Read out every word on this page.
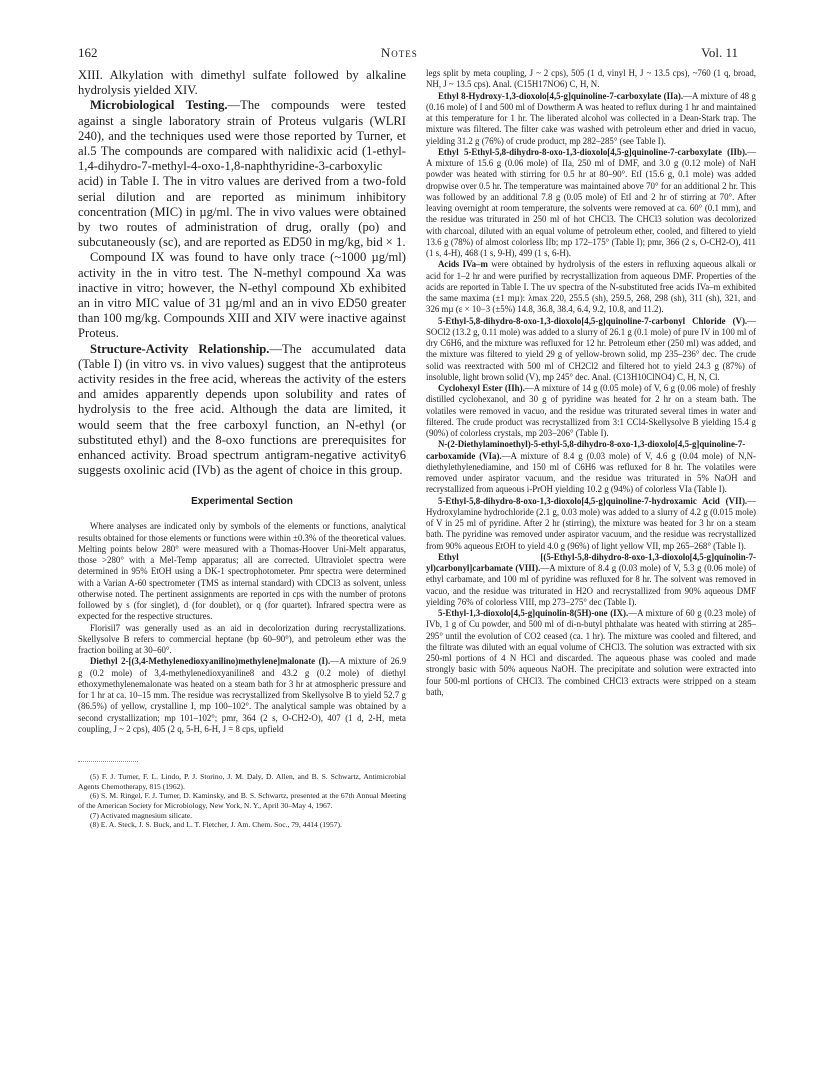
162	Notes	Vol. 11

XIII. Alkylation with dimethyl sulfate followed by alkaline hydrolysis yielded XIV.

Microbiological Testing.—The compounds were tested against a single laboratory strain of Proteus vulgaris (WLRI 240), and the techniques used were those reported by Turner, et al.5 The compounds are compared with nalidixic acid (1-ethyl-1,4-dihydro-7-methyl-4-oxo-1,8-naphthyridine-3-carboxylic acid) in Table I. The in vitro values are derived from a two-fold serial dilution and are reported as minimum inhibitory concentration (MIC) in µg/ml. The in vivo values were obtained by two routes of administration of drug, orally (po) and subcutaneously (sc), and are reported as ED50 in mg/kg, bid × 1.

Compound IX was found to have only trace (~1000 µg/ml) activity in the in vitro test. The N-methyl compound Xa was inactive in vitro; however, the N-ethyl compound Xb exhibited an in vitro MIC value of 31 µg/ml and an in vivo ED50 greater than 100 mg/kg. Compounds XIII and XIV were inactive against Proteus.

Structure-Activity Relationship.—The accumulated data (Table I) (in vitro vs. in vivo values) suggest that the antiproteus activity resides in the free acid, whereas the activity of the esters and amides apparently depends upon solubility and rates of hydrolysis to the free acid. Although the data are limited, it would seem that the free carboxyl function, an N-ethyl (or substituted ethyl) and the 8-oxo functions are prerequisites for enhanced activity. Broad spectrum antigram-negative activity6 suggests oxolinic acid (IVb) as the agent of choice in this group.

Experimental Section

Where analyses are indicated only by symbols of the elements or functions, analytical results obtained for those elements or functions were within ±0.3% of the theoretical values. Melting points below 280° were measured with a Thomas-Hoover Uni-Melt apparatus, those >280° with a Mel-Temp apparatus; all are corrected. Ultraviolet spectra were determined in 95% EtOH using a DK-1 spectrophotometer. Pmr spectra were determined with a Varian A-60 spectrometer (TMS as internal standard) with CDCl3 as solvent, unless otherwise noted. The pertinent assignments are reported in cps with the number of protons followed by s (for singlet), d (for doublet), or q (for quartet). Infrared spectra were as expected for the respective structures.

Florisil7 was generally used as an aid in decolorization during recrystallizations. Skellysolve B refers to commercial heptane (bp 60–90°), and petroleum ether was the fraction boiling at 30–60°.

Diethyl 2-[(3,4-Methylenedioxyanilino)methylene]malonate (I).—A mixture of 26.9 g (0.2 mole) of 3,4-methylenedioxyaniline8 and 43.2 g (0.2 mole) of diethyl ethoxymethylenemalonate was heated on a steam bath for 3 hr at atmospheric pressure and for 1 hr at ca. 10–15 mm. The residue was recrystallized from Skellysolve B to yield 52.7 g (86.5%) of yellow, crystalline I, mp 100–102°. The analytical sample was obtained by a second crystallization; mp 101–102°; pmr, 364 (2 s, O-CH2-O), 407 (1 d, 2-H, meta coupling, J ~ 2 cps), 405 (2 q, 5-H, 6-H, J = 8 cps, upfield

(5) F. J. Turner, F. L. Lindo, P. J. Storino, J. M. Daly, D. Allen, and B. S. Schwartz, Antimicrobial Agents Chemotherapy, 815 (1962).

(6) S. M. Ringel, F. J. Turner, D. Kaminsky, and B. S. Schwartz, presented at the 67th Annual Meeting of the American Society for Microbiology, New York, N. Y., April 30–May 4, 1967.

(7) Activated magnesium silicate.

(8) E. A. Steck, J. S. Buck, and L. T. Fletcher, J. Am. Chem. Soc., 79, 4414 (1957).

legs split by meta coupling, J ~ 2 cps), 505 (1 d, vinyl H, J ~ 13.5 cps), ~760 (1 q, broad, NH, J ~ 13.5 cps). Anal. (C15H17NO6) C, H, N.

Ethyl 8-Hydroxy-1,3-dioxolo[4,5-g]quinoline-7-carboxylate (IIa).—A mixture of 48 g (0.16 mole) of I and 500 ml of Dowtherm A was heated to reflux during 1 hr and maintained at this temperature for 1 hr. The liberated alcohol was collected in a Dean-Stark trap. The mixture was filtered. The filter cake was washed with petroleum ether and dried in vacuo, yielding 31.2 g (76%) of crude product, mp 282–285° (see Table I).

Ethyl 5-Ethyl-5,8-dihydro-8-oxo-1,3-dioxolo[4,5-g]quinoline-7-carboxylate (IIb).—A mixture of 15.6 g (0.06 mole) of IIa, 250 ml of DMF, and 3.0 g (0.12 mole) of NaH powder was heated with stirring for 0.5 hr at 80–90°. EtI (15.6 g, 0.1 mole) was added dropwise over 0.5 hr. The temperature was maintained above 70° for an additional 2 hr. This was followed by an additional 7.8 g (0.05 mole) of EtI and 2 hr of stirring at 70°. After leaving overnight at room temperature, the solvents were removed at ca. 60° (0.1 mm), and the residue was triturated in 250 ml of hot CHCl3. The CHCl3 solution was decolorized with charcoal, diluted with an equal volume of petroleum ether, cooled, and filtered to yield 13.6 g (78%) of almost colorless IIb; mp 172–175° (Table I); pmr, 366 (2 s, O-CH2-O), 411 (1 s, 4-H), 468 (1 s, 9-H), 499 (1 s, 6-H).

Acids IVa–m were obtained by hydrolysis of the esters in refluxing aqueous alkali or acid for 1–2 hr and were purified by recrystallization from aqueous DMF. Properties of the acids are reported in Table I. The uv spectra of the N-substituted free acids IVa–m exhibited the same maxima (±1 mµ): λmax 220, 255.5 (sh), 259.5, 268, 298 (sh), 311 (sh), 321, and 326 mµ (ε × 10−3 (±5%) 14.8, 36.8, 38.4, 6.4, 9.2, 10.8, and 11.2).

5-Ethyl-5,8-dihydro-8-oxo-1,3-dioxolo[4,5-g]quinoline-7-carbonyl Chloride (V).—SOCl2 (13.2 g, 0.11 mole) was added to a slurry of 26.1 g (0.1 mole) of pure IV in 100 ml of dry C6H6, and the mixture was refluxed for 12 hr. Petroleum ether (250 ml) was added, and the mixture was filtered to yield 29 g of yellow-brown solid, mp 235–236° dec. The crude solid was reextracted with 500 ml of CH2Cl2 and filtered hot to yield 24.3 g (87%) of insoluble, light brown solid (V), mp 245° dec. Anal. (C13H10ClNO4) C, H, N, Cl.

Cyclohexyl Ester (IIh).—A mixture of 14 g (0.05 mole) of V, 6 g (0.06 mole) of freshly distilled cyclohexanol, and 30 g of pyridine was heated for 2 hr on a steam bath. The volatiles were removed in vacuo, and the residue was triturated several times in water and filtered. The crude product was recrystallized from 3:1 CCl4-Skellysolve B yielding 15.4 g (90%) of colorless crystals, mp 203–206° (Table I).

N-(2-Diethylaminoethyl)-5-ethyl-5,8-dihydro-8-oxo-1,3-dioxolo[4,5-g]quinoline-7-carboxamide (VIa).—A mixture of 8.4 g (0.03 mole) of V, 4.6 g (0.04 mole) of N,N-diethylethylenediamine, and 150 ml of C6H6 was refluxed for 8 hr. The volatiles were removed under aspirator vacuum, and the residue was triturated in 5% NaOH and recrystallized from aqueous i-PrOH yielding 10.2 g (94%) of colorless VIa (Table I).

5-Ethyl-5,8-dihydro-8-oxo-1,3-dioxolo[4,5-g]quinoline-7-hydroxamic Acid (VII).—Hydroxylamine hydrochloride (2.1 g, 0.03 mole) was added to a slurry of 4.2 g (0.015 mole) of V in 25 ml of pyridine. After 2 hr (stirring), the mixture was heated for 3 hr on a steam bath. The pyridine was removed under aspirator vacuum, and the residue was recrystallized from 90% aqueous EtOH to yield 4.0 g (96%) of light yellow VII, mp 265–268° (Table I).

Ethyl [(5-Ethyl-5,8-dihydro-8-oxo-1,3-dioxolo[4,5-g]quinolin-7-yl)carbonyl]carbamate (VIII).—A mixture of 8.4 g (0.03 mole) of V, 5.3 g (0.06 mole) of ethyl carbamate, and 100 ml of pyridine was refluxed for 8 hr. The solvent was removed in vacuo, and the residue was triturated in H2O and recrystallized from 90% aqueous DMF yielding 76% of colorless VIII, mp 273–275° dec (Table I).

5-Ethyl-1,3-dioxolo[4,5-g]quinolin-8(5H)-one (IX).—A mixture of 60 g (0.23 mole) of IVb, 1 g of Cu powder, and 500 ml of di-n-butyl phthalate was heated with stirring at 285–295° until the evolution of CO2 ceased (ca. 1 hr). The mixture was cooled and filtered, and the filtrate was diluted with an equal volume of CHCl3. The solution was extracted with six 250-ml portions of 4 N HCl and discarded. The aqueous phase was cooled and made strongly basic with 50% aqueous NaOH. The precipitate and solution were extracted into four 500-ml portions of CHCl3. The combined CHCl3 extracts were stripped on a steam bath,
